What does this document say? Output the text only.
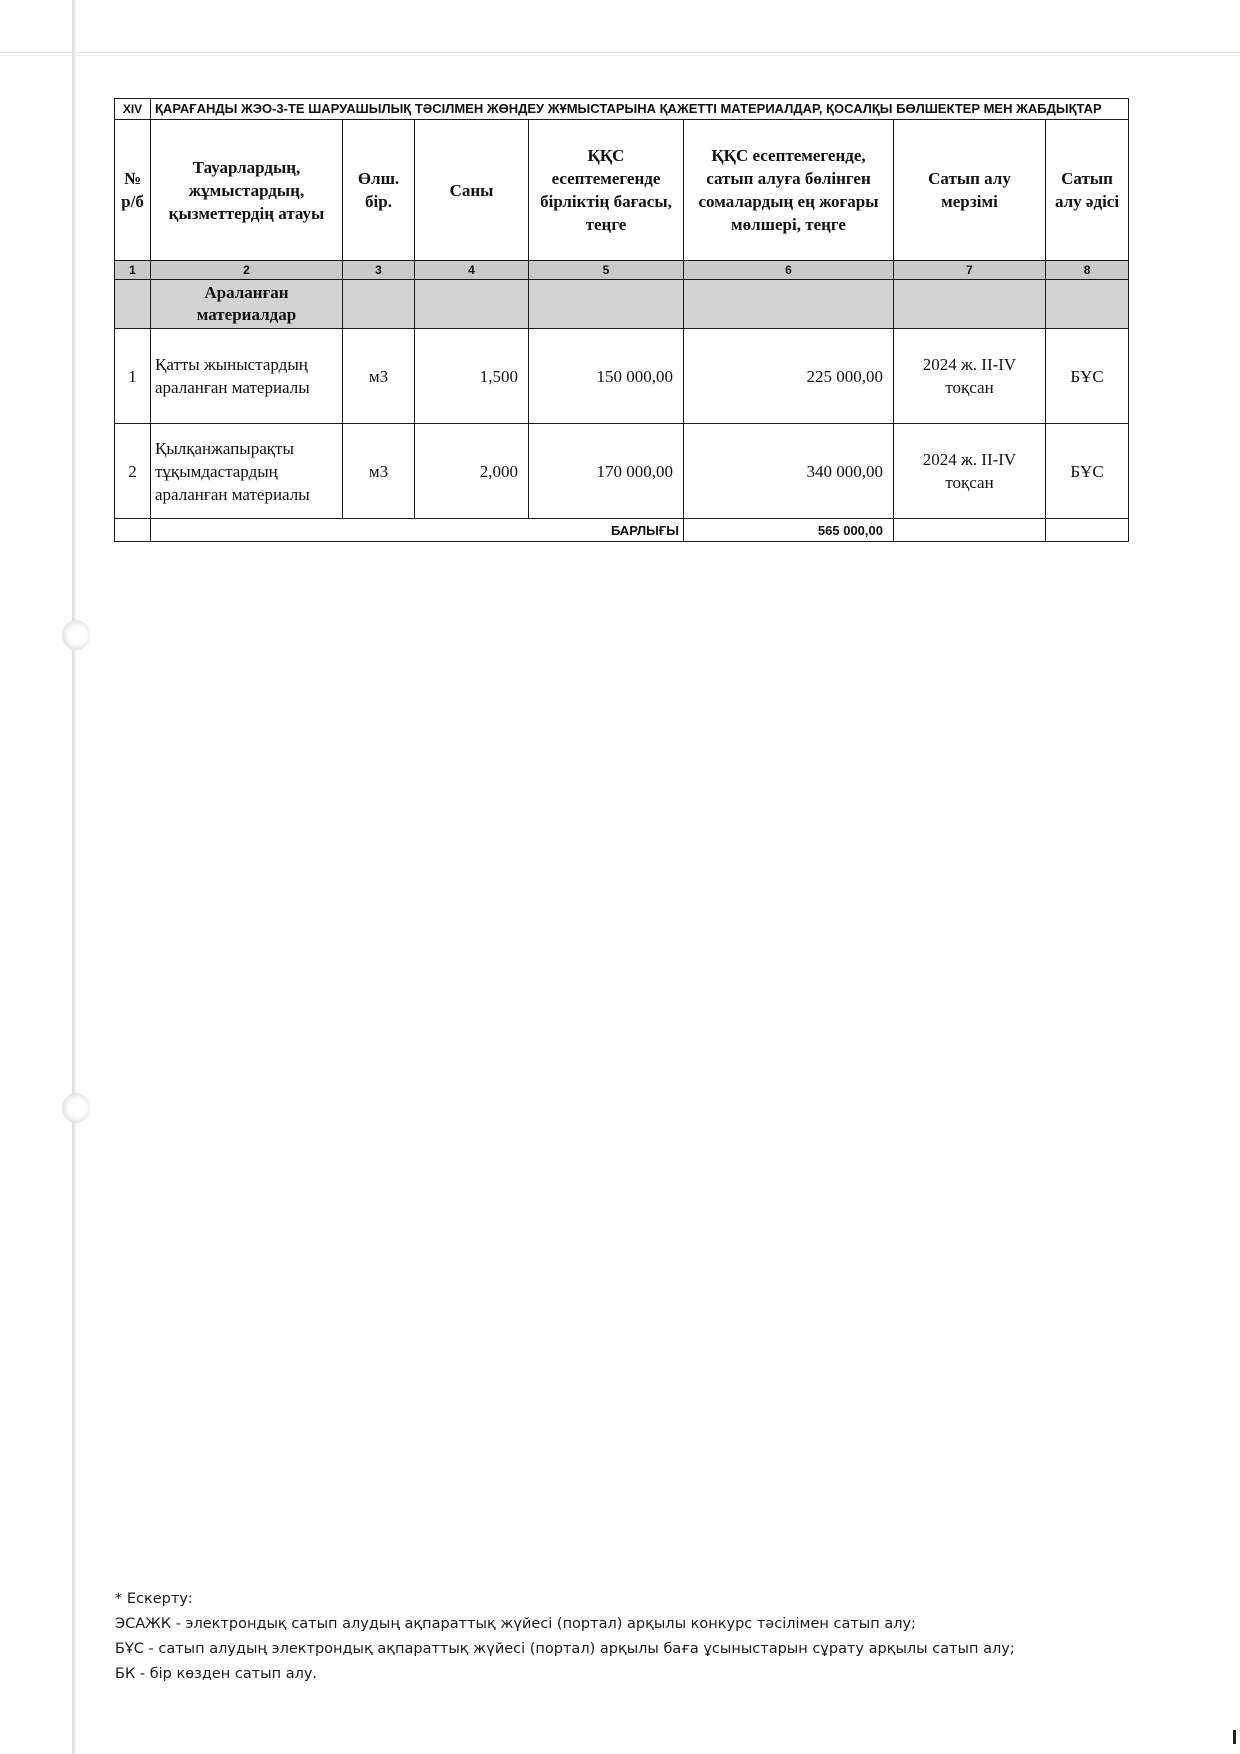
XIV	ҚАРАҒАНДЫ ЖЭО-3-ТЕ ШАРУАШЫЛЫҚ ТӘСІЛМЕН ЖӨНДЕУ ЖҰМЫСТАРЫНА ҚАЖЕТТІ МАТЕРИАЛДАР, ҚОСАЛҚЫ БӨЛШЕКТЕР МЕН ЖАБДЫҚТАР						
№ р/б	Тауарлардың, жұмыстардың, қызметтердің атауы	Өлш. бір.	Саны	ҚҚС есептемегенде бірліктің бағасы, теңге	ҚҚС есептемегенде, сатып алуға бөлінген сомалардың ең жоғары мөлшері, теңге	Сатып алу мерзімі	Сатып алу әдісі
1	2	3	4	5	6	7	8
	Араланған материалдар						
1	Қатты жыныстардың араланған материалы	м3	1,500	150 000,00	225 000,00	2024 ж. II-IV тоқсан	БҰС
2	Қылқанжапырақты тұқымдастардың араланған материалы	м3	2,000	170 000,00	340 000,00	2024 ж. II-IV тоқсан	БҰС
	БАРЛЫҒЫ				565 000,00		
* Ескерту:
ЭСАЖК - электрондық сатып алудың ақпараттық жүйесі (портал) арқылы конкурс тәсілімен сатып алу;
БҰС - сатып алудың электрондық ақпараттық жүйесі (портал) арқылы баға ұсыныстарын сұрату арқылы сатып алу;
БК - бір көзден сатып алу.
